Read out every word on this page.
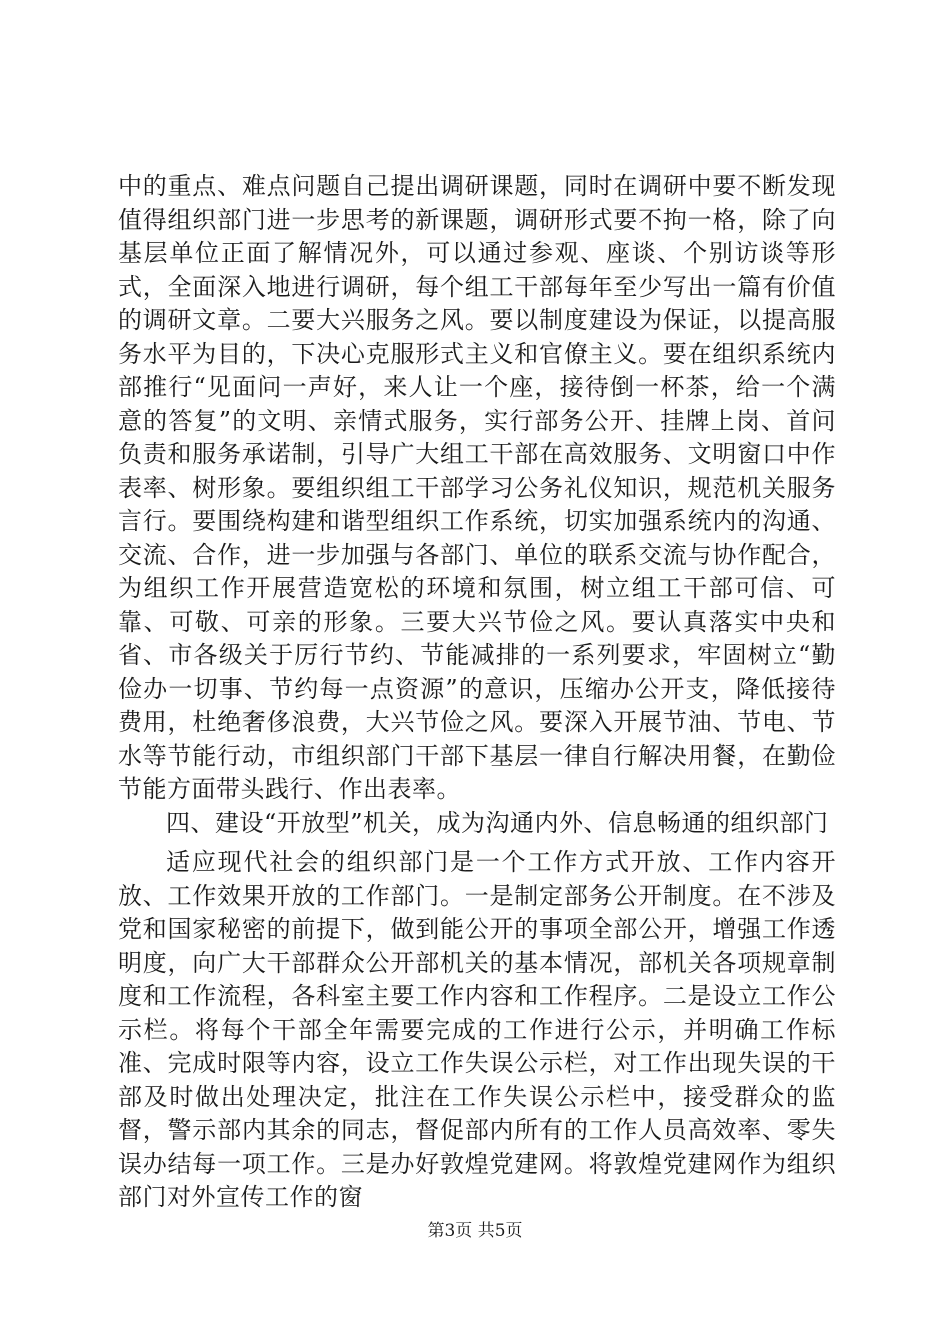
中的重点、难点问题自己提出调研课题，同时在调研中要不断发现值得组织部门进一步思考的新课题，调研形式要不拘一格，除了向基层单位正面了解情况外，可以通过参观、座谈、个别访谈等形式，全面深入地进行调研，每个组工干部每年至少写出一篇有价值的调研文章。二要大兴服务之风。要以制度建设为保证，以提高服务水平为目的，下决心克服形式主义和官僚主义。要在组织系统内部推行“见面问一声好，来人让一个座，接待倒一杯茶，给一个满意的答复”的文明、亲情式服务，实行部务公开、挂牌上岗、首问负责和服务承诺制，引导广大组工干部在高效服务、文明窗口中作表率、树形象。要组织组工干部学习公务礼仪知识，规范机关服务言行。要围绕构建和谐型组织工作系统，切实加强系统内的沟通、交流、合作，进一步加强与各部门、单位的联系交流与协作配合，为组织工作开展营造宽松的环境和氛围，树立组工干部可信、可靠、可敬、可亲的形象。三要大兴节俭之风。要认真落实中央和省、市各级关于厉行节约、节能减排的一系列要求，牢固树立“勤俭办一切事、节约每一点资源”的意识，压缩办公开支，降低接待费用，杜绝奢侈浪费，大兴节俭之风。要深入开展节油、节电、节水等节能行动，市组织部门干部下基层一律自行解决用餐，在勤俭节能方面带头践行、作出表率。

四、建设“开放型”机关，成为沟通内外、信息畅通的组织部门

适应现代社会的组织部门是一个工作方式开放、工作内容开放、工作效果开放的工作部门。一是制定部务公开制度。在不涉及党和国家秘密的前提下，做到能公开的事项全部公开，增强工作透明度，向广大干部群众公开部机关的基本情况，部机关各项规章制度和工作流程，各科室主要工作内容和工作程序。二是设立工作公示栏。将每个干部全年需要完成的工作进行公示，并明确工作标准、完成时限等内容，设立工作失误公示栏，对工作出现失误的干部及时做出处理决定，批注在工作失误公示栏中，接受群众的监督，警示部内其余的同志，督促部内所有的工作人员高效率、零失误办结每一项工作。三是办好敦煌党建网。将敦煌党建网作为组织部门对外宣传工作的窗

第3页 共5页
